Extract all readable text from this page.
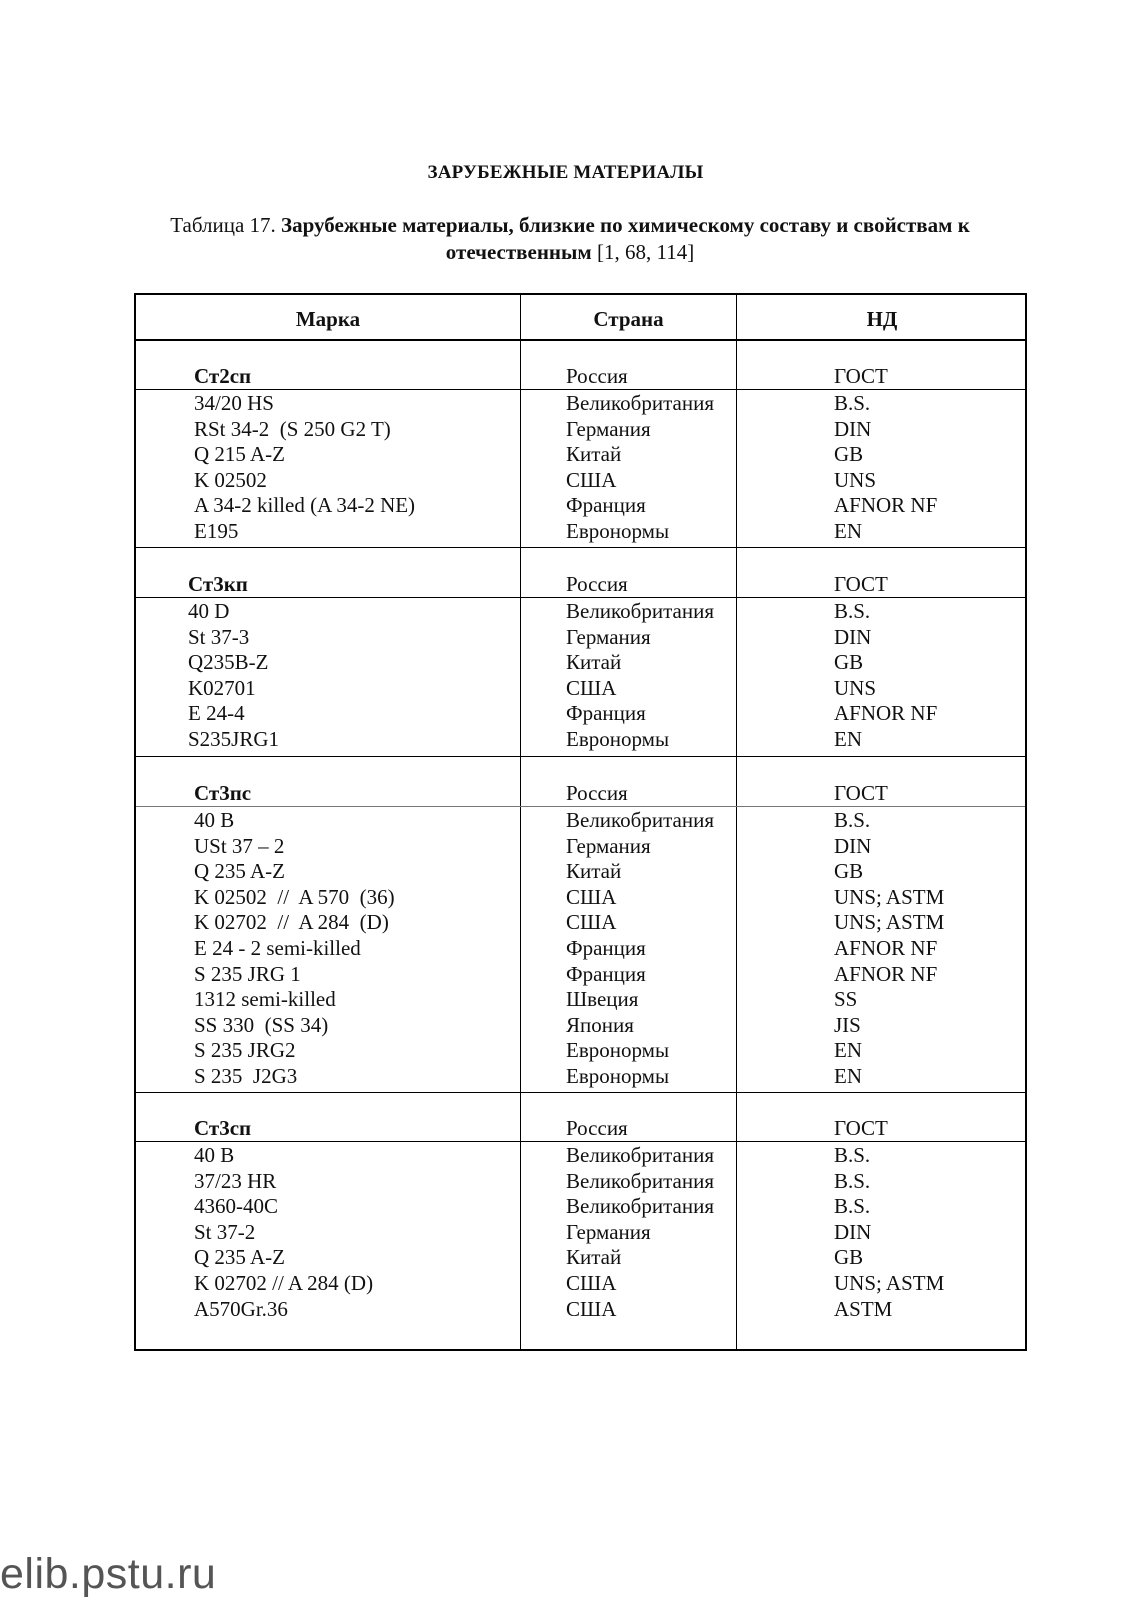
ЗАРУБЕЖНЫЕ МАТЕРИАЛЫ
Таблица 17. Зарубежные материалы, близкие по химическому составу и свойствам к отечественным [1, 68, 114]
Марка	Страна	НД
Ст2сп	Россия	ГОСТ
34/20 HS	Великобритания	B.S.
RSt 34-2  (S 250 G2 T)	Германия	DIN
Q 215 A-Z	Китай	GB
K 02502	США	UNS
A 34-2 killed (A 34-2 NE)	Франция	AFNOR NF
E195	Евронормы	EN
Ст3кп	Россия	ГОСТ
40 D	Великобритания	B.S.
St 37-3	Германия	DIN
Q235B-Z	Китай	GB
K02701	США	UNS
E 24-4	Франция	AFNOR NF
S235JRG1	Евронормы	EN
Ст3пс	Россия	ГОСТ
40 B	Великобритания	B.S.
USt 37 – 2	Германия	DIN
Q 235 A-Z	Китай	GB
K 02502  //  A 570  (36)	США	UNS; ASTM
K 02702  //  A 284  (D)	США	UNS; ASTM
E 24 - 2 semi-killed	Франция	AFNOR NF
S 235 JRG 1	Франция	AFNOR NF
1312 semi-killed	Швеция	SS
SS 330  (SS 34)	Япония	JIS
S 235 JRG2	Евронормы	EN
S 235  J2G3	Евронормы	EN
Ст3сп	Россия	ГОСТ
40 B	Великобритания	B.S.
37/23 HR	Великобритания	B.S.
4360-40C	Великобритания	B.S.
St 37-2	Германия	DIN
Q 235 A-Z	Китай	GB
K 02702 // A 284 (D)	США	UNS; ASTM
A570Gr.36	США	ASTM
elib.pstu.ru
